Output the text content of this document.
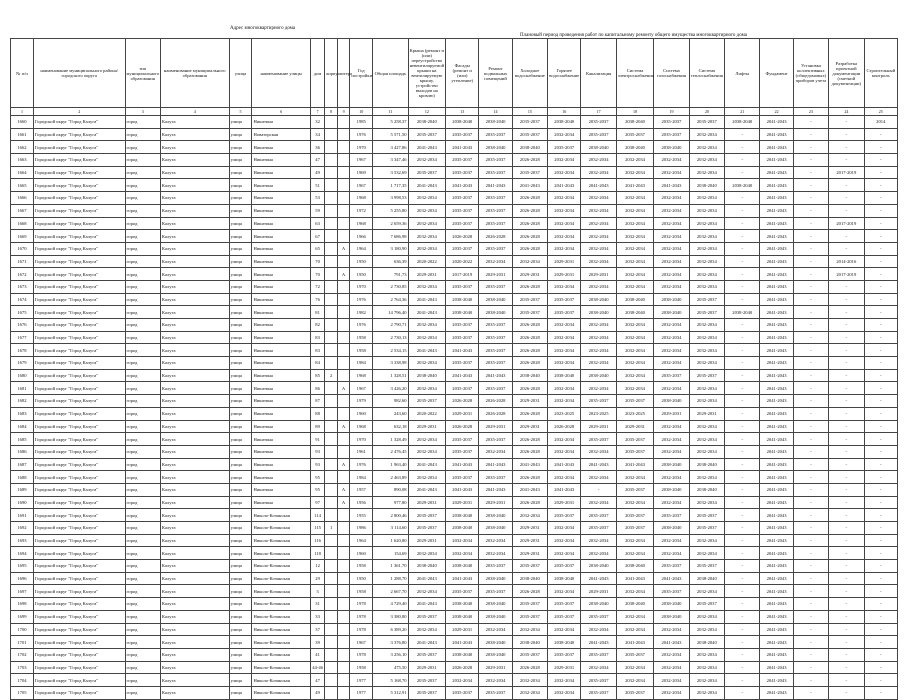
Адрес многоквартирного дома
Плановый период проведения работ по капитальному ремонту общего имущества многоквартирного дома
№ п/п	наименование муниципального района/городского округа	тип муниципального образования	наименование муниципального образования	улица	наименование улицы	дом	корпус	литера	Год постройки	Общая площадь	Крыша (ремонт и (или) переустройство невентилируемой крыши на вентилируемую крышу, устройство выходов на кровлю)	Фасады (ремонт и (или) утепление)	Ремонт подвальных помещений	Холодное водоснабжение	Горячее водоснабжение	Канализация	Система электроснабжения	Система газоснабжения	Система теплоснабжения	Лифты	Фундамент	Установка коллективных (общедомовых) приборов учета	Разработка проектной документации (сметной документации)	Строительный контроль
1	2	3	4	5	6	7	8	9	10	11	12	13	14	15	16	17	18	19	20	21	22	23	24	25
1660	Городской округ "Город Калуга"	город	Калуга	улица	Никитина	32			1985	5 258,37	2038-2040	2038-2040	2038-2040	2035-2037	2038-2040	2035-2037	2038-2040	2035-2037	2035-2037	2038-2040	2041-2043	-	-	2014
1661	Городской округ "Город Калуга"	город	Калуга	улица	Новаторская	34			1976	5 571,50	2035-2037	2035-2037	2035-2037	2035-2037	2032-2034	2035-2037	2035-2037	2035-2037	2032-2034	-	2041-2043	-	-	-
1662	Городской округ "Город Калуга"	город	Калуга	улица	Никитина	36			1970	3 427,86	2041-2043	2041-2043	2038-2040	2038-2040	2035-2037	2038-2040	2038-2040	2038-2040	2032-2034	-	2041-2043	-	-	-
1663	Городской округ "Город Калуга"	город	Калуга	улица	Никитина	47			1967	3 347,46	2032-2034	2035-2037	2035-2037	2026-2028	2032-2034	2032-2034	2032-2034	2032-2034	2032-2034	-	2041-2043	-	-	-
1664	Городской округ "Город Калуга"	город	Калуга	улица	Никитина	49			1969	3 532,69	2035-2037	2035-2037	2035-2037	2035-2037	2032-2034	2032-2034	2032-2034	2032-2034	2032-2034	-	2041-2043	-	2017-2019	-
1665	Городской округ "Город Калуга"	город	Калуга	улица	Никитина	51			1967	1 717,35	2041-2043	2041-2043	2041-2043	2041-2043	2041-2043	2041-2043	2041-2043	2041-2043	2038-2040	2038-2040	2041-2043	-	-	-
1666	Городской округ "Город Калуга"	город	Калуга	улица	Никитина	53			1968	3 998,53	2032-2034	2035-2037	2035-2037	2026-2028	2032-2034	2032-2034	2032-2034	2032-2034	2032-2034	-	2041-2043	-	-	-
1667	Городской округ "Город Калуга"	город	Калуга	улица	Никитина	59			1972	5 255,80	2032-2034	2035-2037	2035-2037	2026-2028	2032-2034	2032-2034	2032-2034	2032-2034	2032-2034	-	2041-2043	-	-	-
1668	Городской округ "Город Калуга"	город	Калуга	улица	Никитина	63			1968	2 659,36	2032-2034	2035-2037	2035-2037	2026-2028	2032-2034	2032-2034	2032-2034	2032-2034	2032-2034	-	2041-2043	-	2017-2019	-
1669	Городской округ "Город Калуга"	город	Калуга	улица	Никитина	67			1966	7 686,98	2032-2034	2026-2028	2026-2028	2026-2028	2032-2034	2032-2034	2032-2034	2032-2034	2032-2034	-	2041-2043	-	-	-
1670	Городской округ "Город Калуга"	город	Калуга	улица	Никитина	65		А	1964	3 180,90	2032-2034	2035-2037	2035-2037	2026-2028	2032-2034	2032-2034	2032-2034	2032-2034	2032-2034	-	2041-2043	-	-	-
1671	Городской округ "Город Калуга"	город	Калуга	улица	Никитина	70			1950	636,39	2020-2022	2020-2022	2032-2034	2032-2034	2029-2031	2032-2034	2032-2034	2032-2034	2032-2034	-	2041-2043	-	2014-2016	-
1672	Городской округ "Город Калуга"	город	Калуга	улица	Никитина	70		А	1950	791,73	2029-2031	2017-2019	2029-2031	2029-2031	2029-2031	2029-2031	2032-2034	2032-2034	2032-2034	-	2041-2043	-	2017-2019	-
1673	Городской округ "Город Калуга"	город	Калуга	улица	Никитина	72			1970	2 730,85	2032-2034	2035-2037	2035-2037	2026-2028	2032-2034	2032-2034	2032-2034	2032-2034	2032-2034	-	2041-2043	-	-	-
1674	Городской округ "Город Калуга"	город	Калуга	улица	Никитина	76			1976	2 764,36	2041-2043	2038-2040	2038-2040	2035-2037	2035-2037	2038-2040	2038-2040	2038-2040	2035-2037	-	2041-2043	-	-	-
1675	Городской округ "Город Калуга"	город	Калуга	улица	Никитина	81			1982	14 796,40	2041-2043	2038-2040	2038-2040	2035-2037	2035-2037	2038-2040	2038-2040	2038-2040	2035-2037	2038-2040	2041-2043	-	-	-
1676	Городской округ "Город Калуга"	город	Калуга	улица	Никитина	82			1976	2 790,71	2032-2034	2035-2037	2035-2037	2026-2028	2032-2034	2032-2034	2032-2034	2032-2034	2032-2034	-	2041-2043	-	-	-
1677	Городской округ "Город Калуга"	город	Калуга	улица	Никитина	83			1958	2 730,13	2032-2034	2035-2037	2035-2037	2026-2028	2032-2034	2032-2034	2032-2034	2032-2034	2032-2034	-	2041-2043	-	-	-
1678	Городской округ "Город Калуга"	город	Калуга	улица	Никитина	83			1958	2 534,15	2041-2043	2041-2043	2035-2037	2026-2028	2032-2034	2032-2034	2032-2034	2032-2034	2032-2034	-	2041-2043	-	-	-
1679	Городской округ "Город Калуга"	город	Калуга	улица	Никитина	84			1984	3 338,98	2032-2034	2035-2037	2035-2037	2026-2028	2032-2034	2032-2034	2032-2034	2032-2034	2032-2034	-	2041-2043	-	-	-
1680	Городской округ "Город Калуга"	город	Калуга	улица	Никитина	85	2		1968	1 328,51	2038-2040	2041-2043	2041-2043	2038-2040	2038-2040	2038-2040	2032-2034	2035-2037	2035-2037	-	2041-2043	-	-	-
1681	Городской округ "Город Калуга"	город	Калуга	улица	Никитина	86		А	1967	3 426,20	2032-2034	2035-2037	2035-2037	2026-2028	2032-2034	2032-2034	2032-2034	2032-2034	2032-2034	-	2041-2043	-	-	-
1682	Городской округ "Город Калуга"	город	Калуга	улица	Никитина	87			1979	982,60	2035-2037	2026-2028	2026-2028	2029-2031	2032-2034	2035-2037	2035-2037	2038-2040	2032-2034	-	2041-2043	-	-	-
1683	Городской округ "Город Калуга"	город	Калуга	улица	Никитина	88			1960	243,60	2020-2022	2029-2031	2026-2028	2026-2028	2023-2025	2023-2025	2023-2025	2029-2031	2029-2031	-	2041-2043	-	-	-
1684	Городской округ "Город Калуга"	город	Калуга	улица	Никитина	89		А	1968	632,18	2029-2031	2026-2028	2029-2031	2029-2031	2026-2028	2029-2031	2029-2031	2032-2034	2032-2034	-	2041-2043	-	-	-
1685	Городской округ "Город Калуга"	город	Калуга	улица	Никитина	91			1970	1 328,49	2032-2034	2035-2037	2035-2037	2026-2028	2032-2034	2035-2037	2035-2037	2032-2034	2032-2034	-	2041-2043	-	-	-
1686	Городской округ "Город Калуга"	город	Калуга	улица	Никитина	93			1961	2 476,45	2032-2034	2035-2037	2032-2034	2026-2028	2032-2034	2032-2034	2035-2037	2032-2034	2032-2034	-	2041-2043	-	-	-
1687	Городской округ "Город Калуга"	город	Калуга	улица	Никитина	93		А	1976	1 963,40	2041-2043	2041-2043	2041-2043	2041-2043	2041-2043	2041-2043	2041-2043	2038-2040	2038-2040	-	2041-2043	-	-	-
1688	Городской округ "Город Калуга"	город	Калуга	улица	Никитина	95			1984	2 463,89	2032-2034	2035-2037	2035-2037	2026-2028	2032-2034	2032-2034	2032-2034	2032-2034	2032-2034	-	2041-2043	-	-	-
1689	Городской округ "Город Калуга"	город	Калуга	улица	Никитина	95		А	1957	890,08	2041-2043	2041-2043	2041-2043	2041-2043	2041-2043	-	2035-2037	2038-2040	2038-2040	-	2041-2043	-	-	-
1690	Городской округ "Город Калуга"	город	Калуга	улица	Никитина	97		А	1956	977,80	2029-2031	2029-2031	2029-2031	2026-2028	2029-2031	2032-2034	2032-2034	2032-2034	2032-2034	-	2041-2043	-	-	-
1691	Городской округ "Город Калуга"	город	Калуга	улица	Николо-Козинская	114			1955	2 800,46	2035-2037	2038-2040	2038-2040	2032-2034	2035-2037	2035-2037	2035-2037	2035-2037	2035-2037	-	2041-2043	-	-	-
1692	Городской округ "Город Калуга"	город	Калуга	улица	Николо-Козинская	115	1		1986	3 114,60	2035-2037	2038-2040	2038-2040	2029-2031	2032-2034	2035-2037	2035-2037	2038-2040	2035-2037	-	2041-2043	-	-	-
1693	Городской округ "Город Калуга"	город	Калуга	улица	Николо-Козинская	116			1964	1 620,80	2029-2031	2032-2034	2032-2034	2029-2031	2032-2034	2032-2034	2032-2034	2032-2034	2032-2034	-	2041-2043	-	-	-
1694	Городской округ "Город Калуга"	город	Калуга	улица	Николо-Козинская	118			1960	154,69	2032-2034	2032-2034	2032-2034	2029-2031	2032-2034	2032-2034	2032-2034	2032-2034	2032-2034	-	2041-2043	-	-	-
1695	Городской округ "Город Калуга"	город	Калуга	улица	Николо-Козинская	12			1958	1 361,70	2038-2040	2038-2040	2035-2037	2035-2037	2035-2037	2038-2040	2038-2040	2035-2037	2035-2037	-	2041-2043	-	-	-
1696	Городской округ "Город Калуга"	город	Калуга	улица	Николо-Козинская	29			1950	1 288,70	2041-2043	2041-2043	2038-2040	2038-2040	2038-2040	2041-2043	2041-2043	2041-2043	2038-2040	-	2041-2043	-	-	-
1697	Городской округ "Город Калуга"	город	Калуга	улица	Николо-Козинская	3			1958	2 667,70	2032-2034	2035-2037	2035-2037	2026-2028	2032-2034	2029-2031	2032-2034	2035-2037	2032-2034	-	2041-2043	-	-	-
1698	Городской округ "Город Калуга"	город	Калуга	улица	Николо-Козинская	31			1978	4 729,40	2041-2043	2038-2040	2038-2040	2035-2037	2035-2037	2038-2040	2038-2040	2038-2040	2035-2037	-	2041-2043	-	-	-
1699	Городской округ "Город Калуга"	город	Калуга	улица	Николо-Козинская	33			1978	3 380,80	2035-2037	2038-2040	2038-2040	2035-2037	2035-2037	2035-2037	2032-2034	2038-2040	2032-2034	-	2041-2043	-	-	-
1700	Городской округ "Город Калуга"	город	Калуга	улица	Николо-Козинская	37			1978	6 389,20	2032-2034	2029-2031	2032-2034	2032-2034	2032-2034	2032-2034	2032-2034	2032-2034	2032-2034	-	2041-2043	-	-	-
1701	Городской округ "Город Калуга"	город	Калуга	улица	Николо-Козинская	39			1967	3 376,80	2041-2043	2041-2043	2038-2040	2038-2040	2038-2040	2041-2043	2041-2043	2041-2043	2038-2040	-	2041-2043	-	-	-
1702	Городской округ "Город Калуга"	город	Калуга	улица	Николо-Козинская	41			1978	3 256,10	2035-2037	2038-2040	2038-2040	2035-2037	2035-2037	2035-2037	2035-2037	2032-2034	2032-2034	-	2041-2043	-	-	-
1703	Городской округ "Город Калуга"	город	Калуга	улица	Николо-Козинская	44-46			1958	475,50	2029-2031	2026-2028	2029-2031	2026-2028	2029-2031	2032-2034	2032-2034	2032-2034	2032-2034	-	2041-2043	-	-	-
1704	Городской округ "Город Калуга"	город	Калуга	улица	Николо-Козинская	47			1977	5 168,70	2035-2037	2032-2034	2032-2034	2032-2034	2032-2034	2035-2037	2032-2034	2032-2034	2032-2034	-	2041-2043	-	-	-
1705	Городской округ "Город Калуга"	город	Калуга	улица	Николо-Козинская	49			1977	5 312,91	2035-2037	2035-2037	2035-2037	2032-2034	2032-2034	2035-2037	2035-2037	2032-2034	2032-2034	-	2041-2043	-	-	-
